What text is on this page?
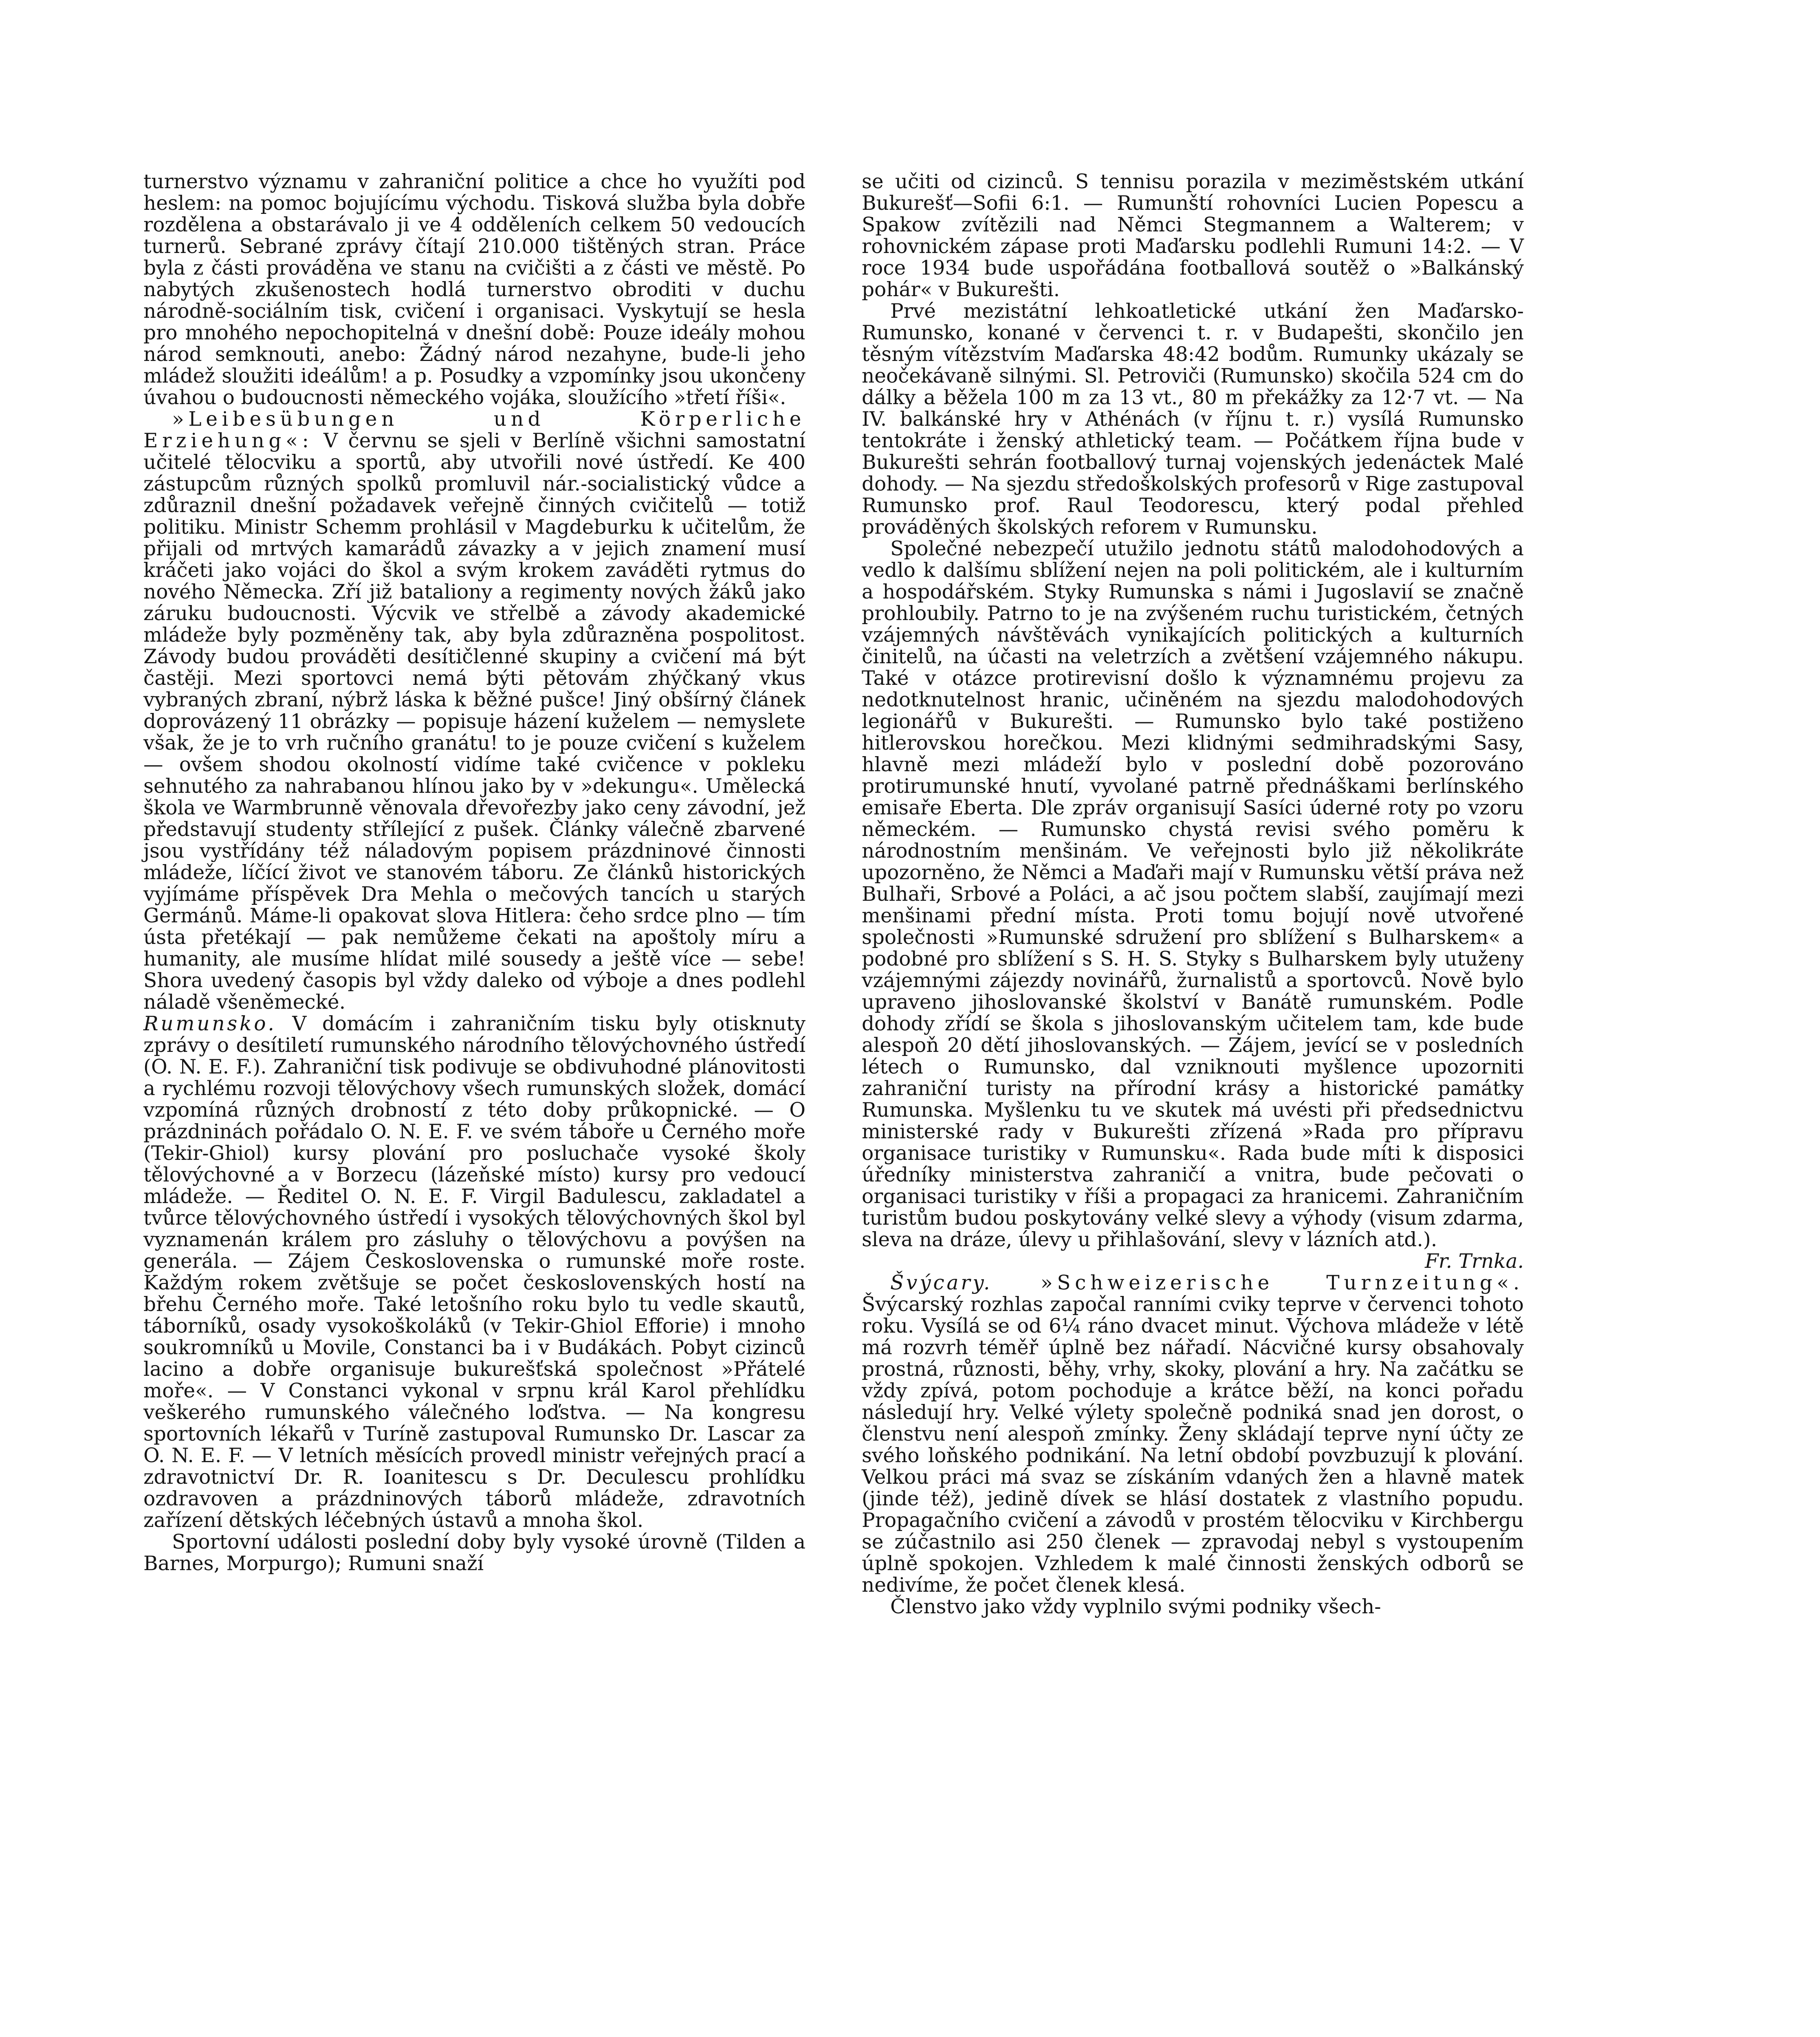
turnerstvo významu v zahraniční politice a chce ho využíti pod heslem: na pomoc bojujícímu východu. Tisková služba byla dobře rozdělena a obstarávalo ji ve 4 odděleních celkem 50 vedoucích turnerů. Sebrané zprávy čítají 210.000 tištěných stran. Práce byla z části prováděna ve stanu na cvičišti a z části ve městě. Po nabytých zkušenostech hodlá turnerstvo obroditi v duchu národně-sociálním tisk, cvičení i organisaci. Vyskytují se hesla pro mnohého nepochopitelná v dnešní době: Pouze ideály mohou národ semknouti, anebo: Žádný národ nezahyne, bude-li jeho mládež sloužiti ideálům! a p. Posudky a vzpomínky jsou ukončeny úvahou o budoucnosti německého vojáka, sloužícího »třetí říši«.

»Leibesübungen und Körperliche Erziehung«: V červnu se sjeli v Berlíně všichni samostatní učitelé tělocviku a sportů, aby utvořili nové ústředí. Ke 400 zástupcům různých spolků promluvil nár.-socialistický vůdce a zdůraznil dnešní požadavek veřejně činných cvičitelů — totiž politiku. Ministr Schemm prohlásil v Magdeburku k učitelům, že přijali od mrtvých kamarádů závazky a v jejich znamení musí kráčeti jako vojáci do škol a svým krokem zaváděti rytmus do nového Německa. Zří již bataliony a regimenty nových žáků jako záruku budoucnosti. Výcvik ve střelbě a závody akademické mládeže byly pozměněny tak, aby byla zdůrazněna pospolitost. Závody budou prováděti desítičlenné skupiny a cvičení má být častěji. Mezi sportovci nemá býti pětovám zhýčkaný vkus vybraných zbraní, nýbrž láska k běžné pušce! Jiný obšírný článek doprovázený 11 obrázky — popisuje házení kuželem — nemyslete však, že je to vrh ručního granátu! to je pouze cvičení s kuželem — ovšem shodou okolností vidíme také cvičence v pokleku sehnutého za nahrabanou hlínou jako by v »dekungu«. Umělecká škola ve Warmbrunně věnovala dřevořezby jako ceny závodní, jež představují studenty střílející z pušek. Články válečně zbarvené jsou vystřídány též náladovým popisem prázdninové činnosti mládeže, líčící život ve stanovém táboru. Ze článků historických vyjímáme příspěvek Dra Mehla o mečových tancích u starých Germánů. Máme-li opakovat slova Hitlera: čeho srdce plno — tím ústa přetékají — pak nemůžeme čekati na apoštoly míru a humanity, ale musíme hlídat milé sousedy a ještě více — sebe! Shora uvedený časopis byl vždy daleko od výboje a dnes podlehl náladě všeněmecké.

Rumunsko. V domácím i zahraničním tisku byly otisknuty zprávy o desítiletí rumunského národního tělovýchovného ústředí (O. N. E. F.). Zahraniční tisk podivuje se obdivuhodné plánovitosti a rychlému rozvoji tělovýchovy všech rumunských složek, domácí vzpomíná různých drobností z této doby průkopnické. — O prázdninách pořádalo O. N. E. F. ve svém táboře u Černého moře (Tekir-Ghiol) kursy plování pro posluchače vysoké školy tělovýchovné a v Borzecu (lázeňské místo) kursy pro vedoucí mládeže. — Ředitel O. N. E. F. Virgil Badulescu, zakladatel a tvůrce tělovýchovného ústředí i vysokých tělovýchovných škol byl vyznamenán králem pro zásluhy o tělovýchovu a povýšen na generála. — Zájem Československa o rumunské moře roste. Každým rokem zvětšuje se počet československých hostí na břehu Černého moře. Také letošního roku bylo tu vedle skautů, táborníků, osady vysokoškoláků (v Tekir-Ghiol Efforie) i mnoho soukromníků u Movile, Constanci ba i v Budákách. Pobyt cizinců lacino a dobře organisuje bukurešťská společnost »Přátelé moře«. — V Constanci vykonal v srpnu král Karol přehlídku veškerého rumunského válečného loďstva. — Na kongresu sportovních lékařů v Turíně zastupoval Rumunsko Dr. Lascar za O. N. E. F. — V letních měsících provedl ministr veřejných prací a zdravotnictví Dr. R. Ioanitescu s Dr. Deculescu prohlídku ozdravoven a prázdninových táborů mládeže, zdravotních zařízení dětských léčebných ústavů a mnoha škol.

Sportovní události poslední doby byly vysoké úrovně (Tilden a Barnes, Morpurgo); Rumuni snaží

se učiti od cizinců. S tennisu porazila v meziměstském utkání Bukurešť—Sofii 6:1. — Rumunští rohovníci Lucien Popescu a Spakow zvítězili nad Němci Stegmannem a Walterem; v rohovnickém zápase proti Maďarsku podlehli Rumuni 14:2. — V roce 1934 bude uspořádána footballová soutěž o »Balkánský pohár« v Bukurešti.

Prvé mezistátní lehkoatletické utkání žen Maďarsko-Rumunsko, konané v červenci t. r. v Budapešti, skončilo jen těsným vítězstvím Maďarska 48:42 bodům. Rumunky ukázaly se neočekávaně silnými. Sl. Petroviči (Rumunsko) skočila 524 cm do dálky a běžela 100 m za 13 vt., 80 m překážky za 12·7 vt. — Na IV. balkánské hry v Athénách (v říjnu t. r.) vysílá Rumunsko tentokráte i ženský athletický team. — Počátkem října bude v Bukurešti sehrán footballový turnaj vojenských jedenáctek Malé dohody. — Na sjezdu středoškolských profesorů v Rige zastupoval Rumunsko prof. Raul Teodorescu, který podal přehled prováděných školských reforem v Rumunsku.

Společné nebezpečí utužilo jednotu států malodohodových a vedlo k dalšímu sblížení nejen na poli politickém, ale i kulturním a hospodářském. Styky Rumunska s námi i Jugoslavií se značně prohloubily. Patrno to je na zvýšeném ruchu turistickém, četných vzájemných návštěvách vynikajících politických a kulturních činitelů, na účasti na veletrzích a zvětšení vzájemného nákupu. Také v otázce protirevisní došlo k významnému projevu za nedotknutelnost hranic, učiněném na sjezdu malodohodových legionářů v Bukurešti. — Rumunsko bylo také postiženo hitlerovskou horečkou. Mezi klidnými sedmihradskými Sasy, hlavně mezi mládeží bylo v poslední době pozorováno protirumunské hnutí, vyvolané patrně přednáškami berlínského emisaře Eberta. Dle zpráv organisují Sasíci úderné roty po vzoru německém. — Rumunsko chystá revisi svého poměru k národnostním menšinám. Ve veřejnosti bylo již několikráte upozorněno, že Němci a Maďaři mají v Rumunsku větší práva než Bulhaři, Srbové a Poláci, a ač jsou počtem slabší, zaujímají mezi menšinami přední místa. Proti tomu bojují nově utvořené společnosti »Rumunské sdružení pro sblížení s Bulharskem« a podobné pro sblížení s S. H. S. Styky s Bulharskem byly utuženy vzájemnými zájezdy novinářů, žurnalistů a sportovců. Nově bylo upraveno jihoslovanské školství v Banátě rumunském. Podle dohody zřídí se škola s jihoslovanským učitelem tam, kde bude alespoň 20 dětí jihoslovanských. — Zájem, jevící se v posledních létech o Rumunsko, dal vzniknouti myšlence upozorniti zahraniční turisty na přírodní krásy a historické památky Rumunska. Myšlenku tu ve skutek má uvésti při předsednictvu ministerské rady v Bukurešti zřízená »Rada pro přípravu organisace turistiky v Rumunsku«. Rada bude míti k disposici úředníky ministerstva zahraničí a vnitra, bude pečovati o organisaci turistiky v říši a propagaci za hranicemi. Zahraničním turistům budou poskytovány velké slevy a výhody (visum zdarma, sleva na dráze, úlevy u přihlašování, slevy v lázních atd.).
Fr. Trnka.

Švýcary. »Schweizerische Turnzeitung«. Švýcarský rozhlas započal ranními cviky teprve v červenci tohoto roku. Vysílá se od 6¼ ráno dvacet minut. Výchova mládeže v létě má rozvrh téměř úplně bez nářadí. Nácvičné kursy obsahovaly prostná, různosti, běhy, vrhy, skoky, plování a hry. Na začátku se vždy zpívá, potom pochoduje a krátce běží, na konci pořadu následují hry. Velké výlety společně podniká snad jen dorost, o členstvu není alespoň zmínky. Ženy skládají teprve nyní účty ze svého loňského podnikání. Na letní období povzbuzují k plování. Velkou práci má svaz se získáním vdaných žen a hlavně matek (jinde též), jedině dívek se hlásí dostatek z vlastního popudu. Propagačního cvičení a závodů v prostém tělocviku v Kirchbergu se zúčastnilo asi 250 členek — zpravodaj nebyl s vystoupením úplně spokojen. Vzhledem k malé činnosti ženských odborů se nedivíme, že počet členek klesá.

Členstvo jako vždy vyplnilo svými podniky všech-
